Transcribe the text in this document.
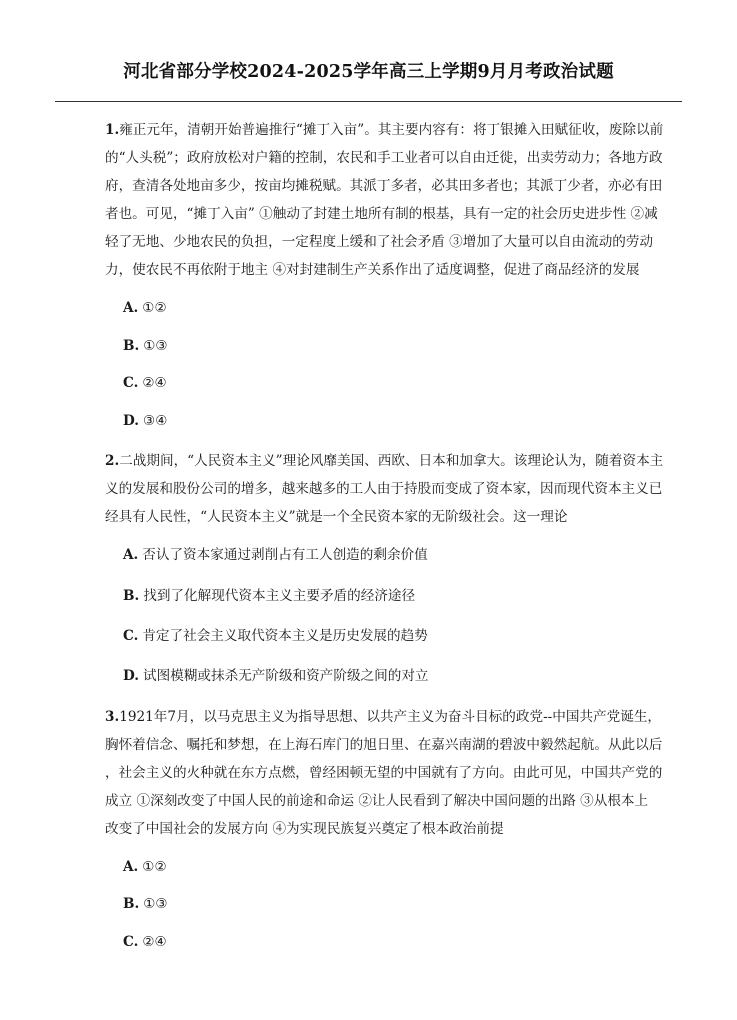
河北省部分学校2024-2025学年高三上学期9月月考政治试题
1.雍正元年，清朝开始普遍推行“摊丁入亩”。其主要内容有：将丁银摊入田赋征收，废除以前
的“人头税”；政府放松对户籍的控制，农民和手工业者可以自由迁徙，出卖劳动力；各地方政
府，查清各处地亩多少，按亩均摊税赋。其派丁多者，必其田多者也；其派丁少者，亦必有田
者也。可见，“摊丁入亩” ①触动了封建土地所有制的根基，具有一定的社会历史进步性 ②减
轻了无地、少地农民的负担，一定程度上缓和了社会矛盾 ③增加了大量可以自由流动的劳动
力，使农民不再依附于地主 ④对封建制生产关系作出了适度调整，促进了商品经济的发展
A. ①②
B. ①③
C. ②④
D. ③④
2.二战期间，“人民资本主义”理论风靡美国、西欧、日本和加拿大。该理论认为，随着资本主
义的发展和股份公司的增多，越来越多的工人由于持股而变成了资本家，因而现代资本主义已
经具有人民性，“人民资本主义”就是一个全民资本家的无阶级社会。这一理论
A. 否认了资本家通过剥削占有工人创造的剩余价值
B. 找到了化解现代资本主义主要矛盾的经济途径
C. 肯定了社会主义取代资本主义是历史发展的趋势
D. 试图模糊或抹杀无产阶级和资产阶级之间的对立
3.1921年7月，以马克思主义为指导思想、以共产主义为奋斗目标的政党--中国共产党诞生，
胸怀着信念、嘱托和梦想，在上海石库门的旭日里、在嘉兴南湖的碧波中毅然起航。从此以后
，社会主义的火种就在东方点燃，曾经困顿无望的中国就有了方向。由此可见，中国共产党的
成立 ①深刻改变了中国人民的前途和命运 ②让人民看到了解决中国问题的出路 ③从根本上
改变了中国社会的发展方向 ④为实现民族复兴奠定了根本政治前提
A. ①②
B. ①③
C. ②④
